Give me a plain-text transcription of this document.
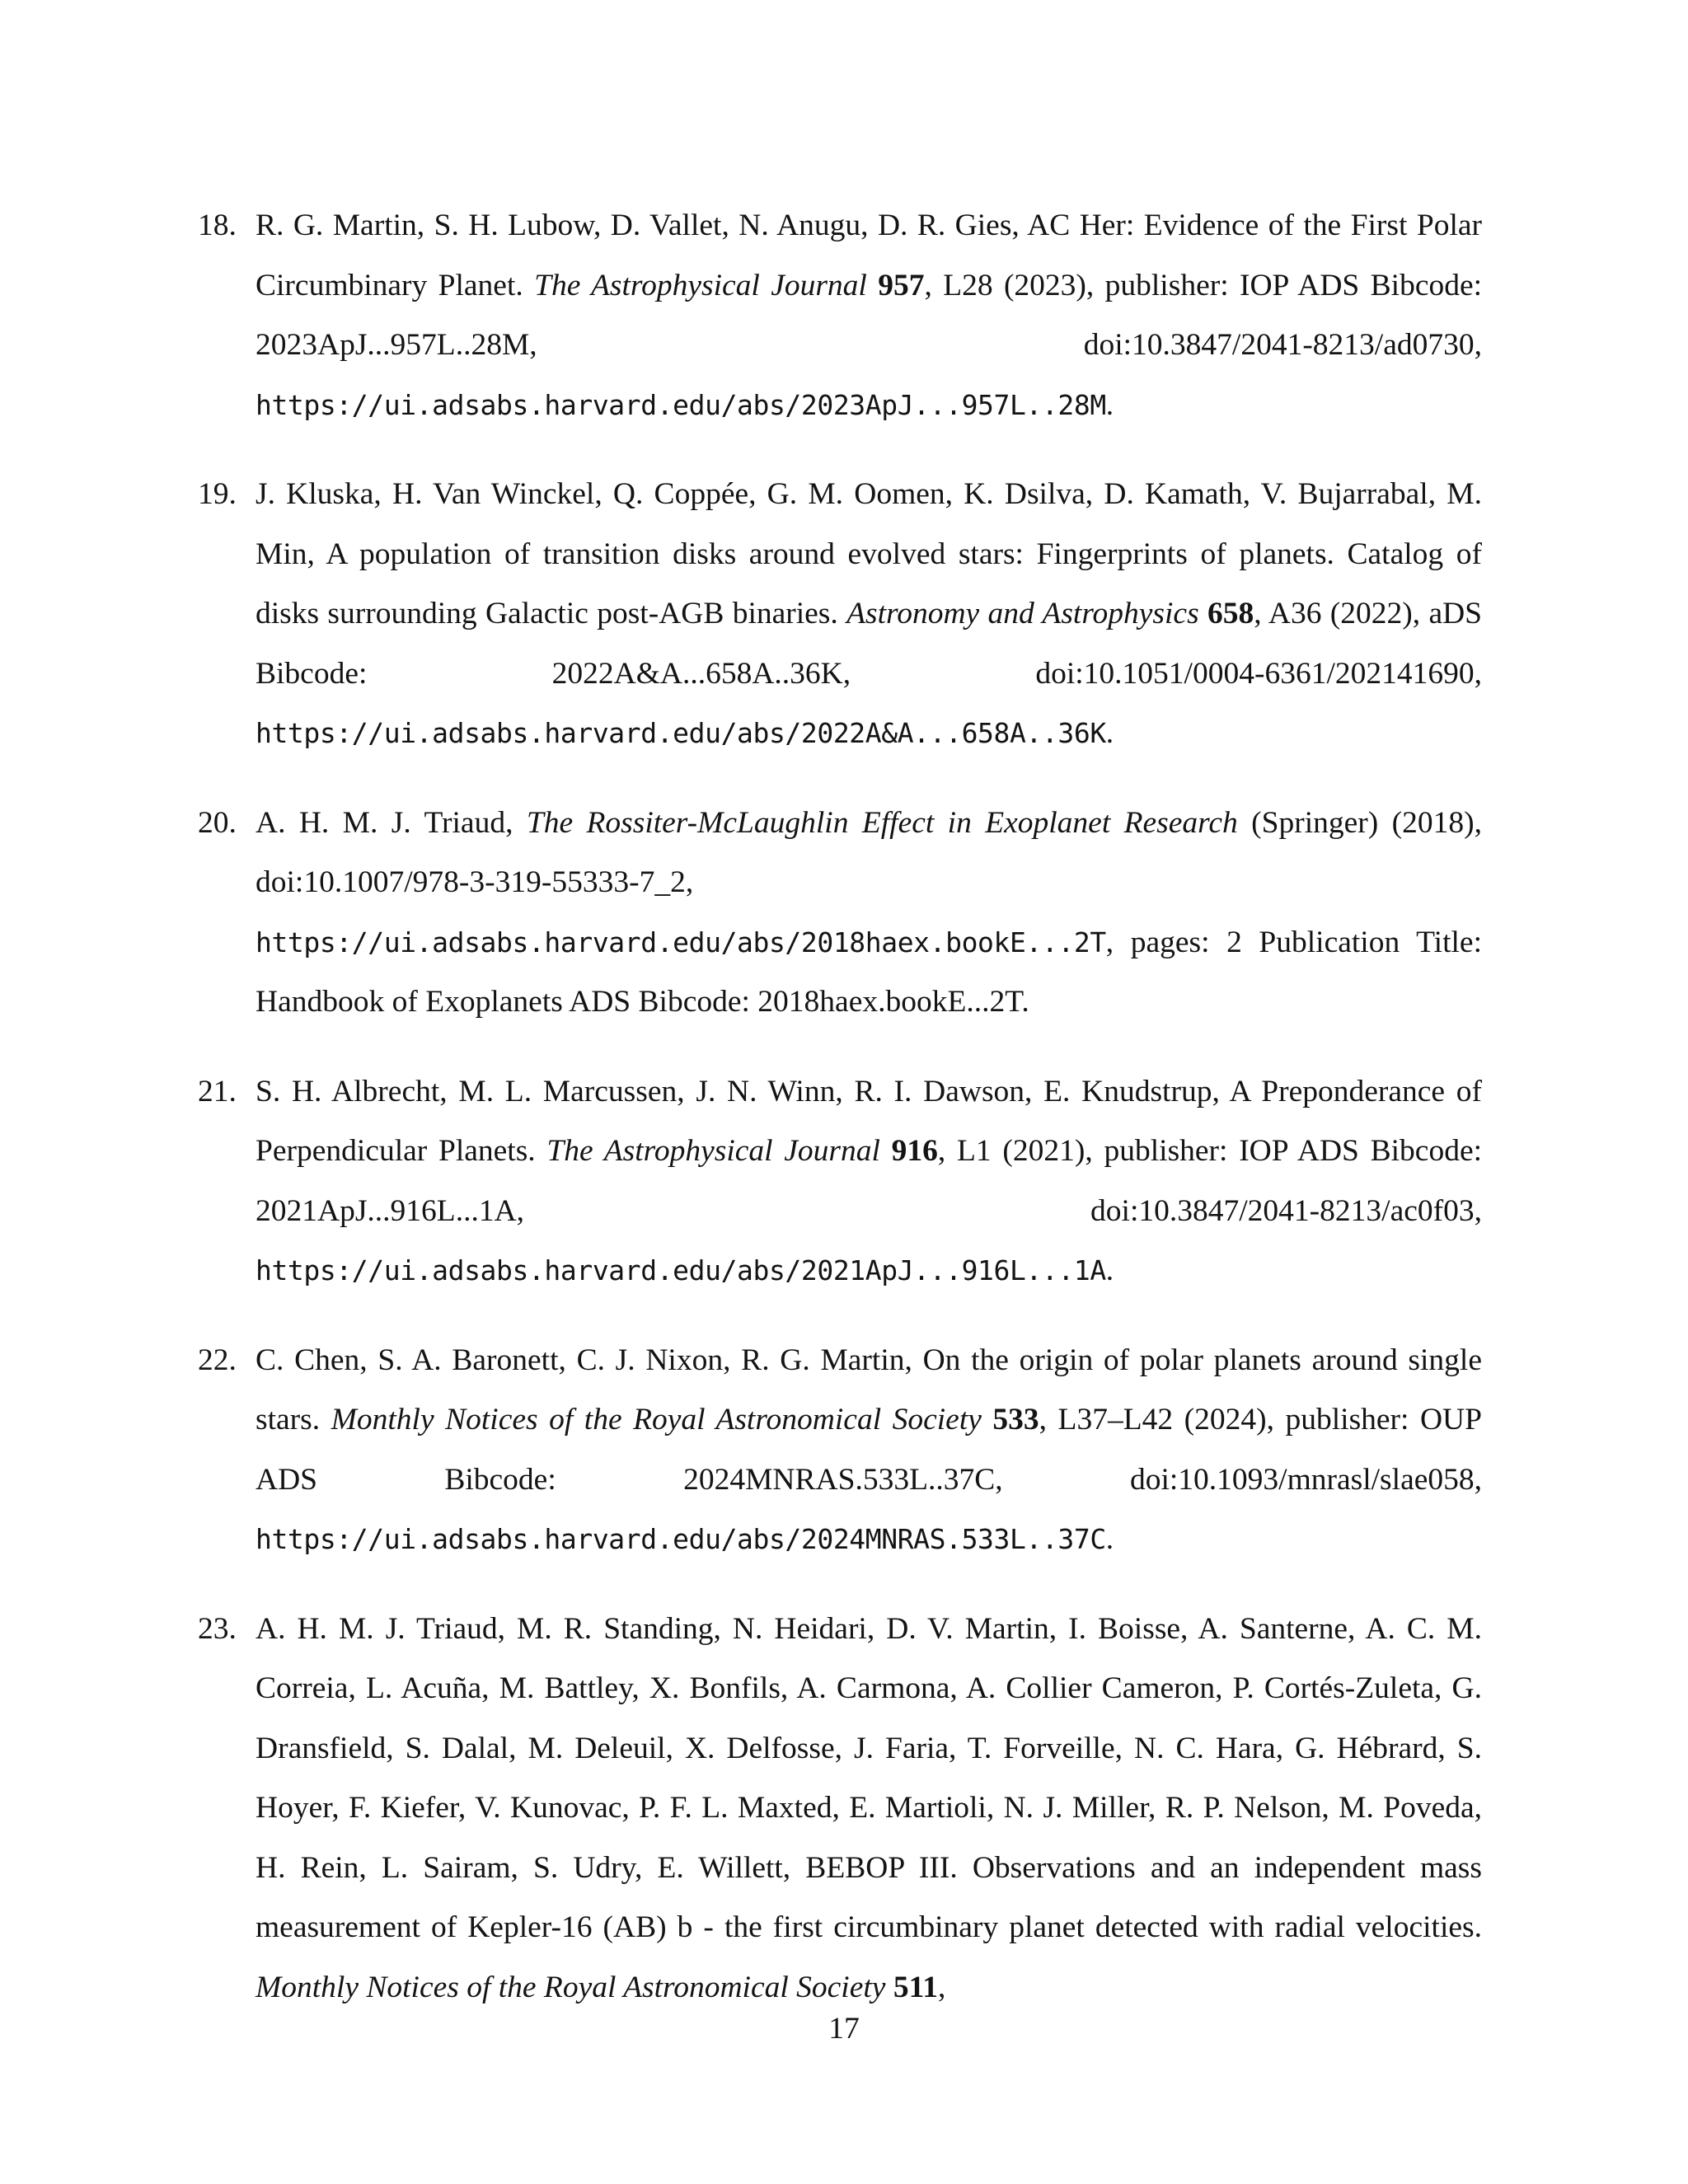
18. R. G. Martin, S. H. Lubow, D. Vallet, N. Anugu, D. R. Gies, AC Her: Evidence of the First Polar Circumbinary Planet. The Astrophysical Journal 957, L28 (2023), publisher: IOP ADS Bibcode: 2023ApJ...957L..28M, doi:10.3847/2041-8213/ad0730, https://ui.adsabs.harvard.edu/abs/2023ApJ...957L..28M.
19. J. Kluska, H. Van Winckel, Q. Coppée, G. M. Oomen, K. Dsilva, D. Kamath, V. Bujarrabal, M. Min, A population of transition disks around evolved stars: Fingerprints of planets. Catalog of disks surrounding Galactic post-AGB binaries. Astronomy and Astrophysics 658, A36 (2022), aDS Bibcode: 2022A&A...658A..36K, doi:10.1051/0004-6361/202141690, https://ui.adsabs.harvard.edu/abs/2022A&A...658A..36K.
20. A. H. M. J. Triaud, The Rossiter-McLaughlin Effect in Exoplanet Research (Springer) (2018), doi:10.1007/978-3-319-55333-7_2, https://ui.adsabs.harvard.edu/abs/2018haex.bookE...2T, pages: 2 Publication Title: Handbook of Exoplanets ADS Bibcode: 2018haex.bookE...2T.
21. S. H. Albrecht, M. L. Marcussen, J. N. Winn, R. I. Dawson, E. Knudstrup, A Preponderance of Perpendicular Planets. The Astrophysical Journal 916, L1 (2021), publisher: IOP ADS Bibcode: 2021ApJ...916L...1A, doi:10.3847/2041-8213/ac0f03, https://ui.adsabs.harvard.edu/abs/2021ApJ...916L...1A.
22. C. Chen, S. A. Baronett, C. J. Nixon, R. G. Martin, On the origin of polar planets around single stars. Monthly Notices of the Royal Astronomical Society 533, L37–L42 (2024), publisher: OUP ADS Bibcode: 2024MNRAS.533L..37C, doi:10.1093/mnrasl/slae058, https://ui.adsabs.harvard.edu/abs/2024MNRAS.533L..37C.
23. A. H. M. J. Triaud, M. R. Standing, N. Heidari, D. V. Martin, I. Boisse, A. Santerne, A. C. M. Correia, L. Acuña, M. Battley, X. Bonfils, A. Carmona, A. Collier Cameron, P. Cortés-Zuleta, G. Dransfield, S. Dalal, M. Deleuil, X. Delfosse, J. Faria, T. Forveille, N. C. Hara, G. Hébrard, S. Hoyer, F. Kiefer, V. Kunovac, P. F. L. Maxted, E. Martioli, N. J. Miller, R. P. Nelson, M. Poveda, H. Rein, L. Sairam, S. Udry, E. Willett, BEBOP III. Observations and an independent mass measurement of Kepler-16 (AB) b - the first circumbinary planet detected with radial velocities. Monthly Notices of the Royal Astronomical Society 511,
17
